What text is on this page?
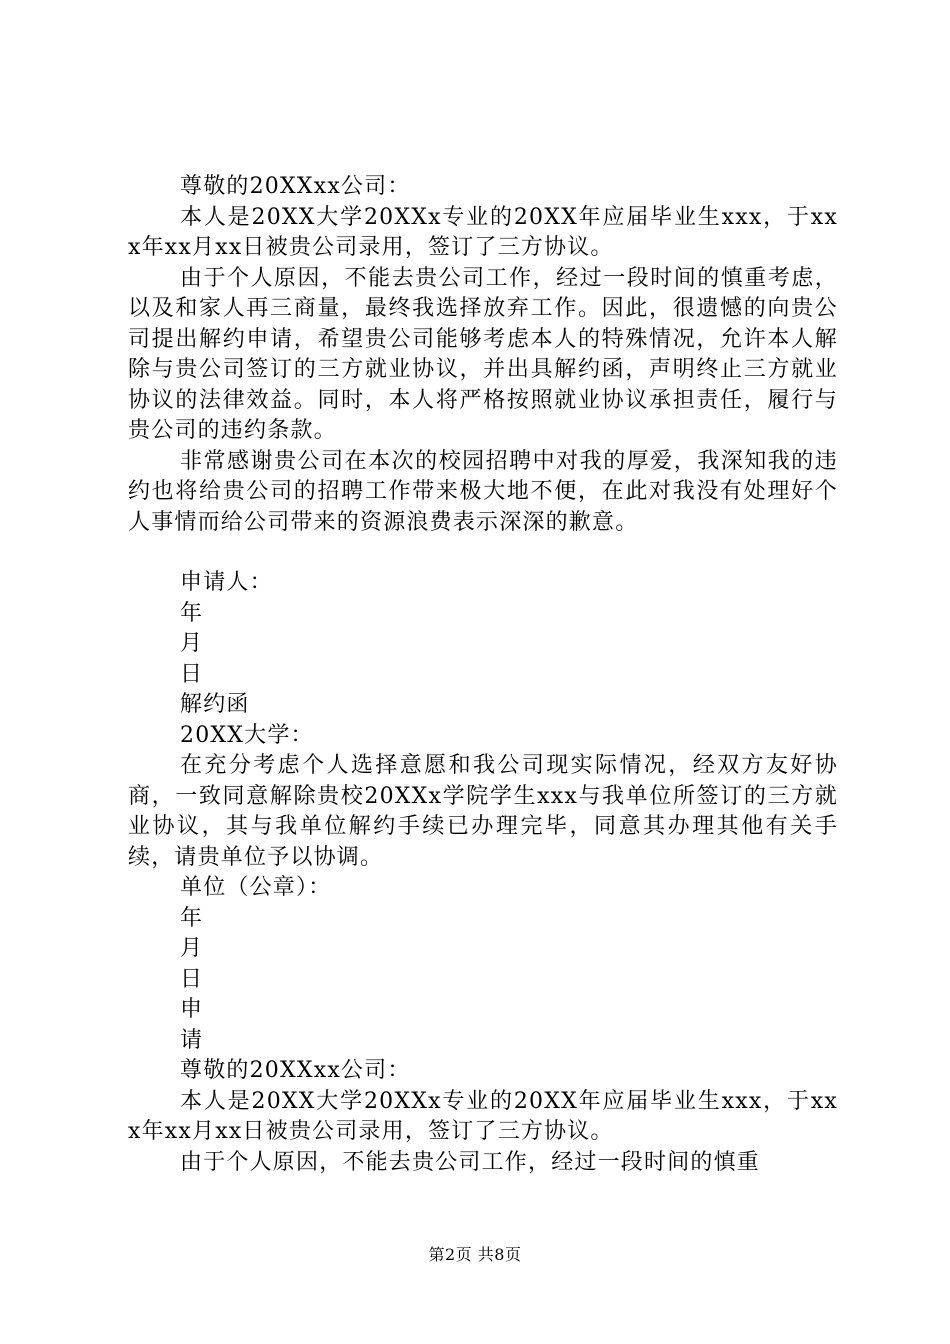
尊敬的20XXxx公司：

本人是20XX大学20XXx专业的20XX年应届毕业生xxx，于xxx年xx月xx日被贵公司录用，签订了三方协议。

由于个人原因，不能去贵公司工作，经过一段时间的慎重考虑，以及和家人再三商量，最终我选择放弃工作。因此，很遗憾的向贵公司提出解约申请，希望贵公司能够考虑本人的特殊情况，允许本人解除与贵公司签订的三方就业协议，并出具解约函，声明终止三方就业协议的法律效益。同时，本人将严格按照就业协议承担责任，履行与贵公司的违约条款。

非常感谢贵公司在本次的校园招聘中对我的厚爱，我深知我的违约也将给贵公司的招聘工作带来极大地不便，在此对我没有处理好个人事情而给公司带来的资源浪费表示深深的歉意。

申请人：
年
月
日
解约函
20XX大学：

在充分考虑个人选择意愿和我公司现实际情况，经双方友好协商，一致同意解除贵校20XXx学院学生xxx与我单位所签订的三方就业协议，其与我单位解约手续已办理完毕，同意其办理其他有关手续，请贵单位予以协调。

单位（公章）：
年
月
日
申
请
尊敬的20XXxx公司：

本人是20XX大学20XXx专业的20XX年应届毕业生xxx，于xxx年xx月xx日被贵公司录用，签订了三方协议。

由于个人原因，不能去贵公司工作，经过一段时间的慎重

第2页 共8页
